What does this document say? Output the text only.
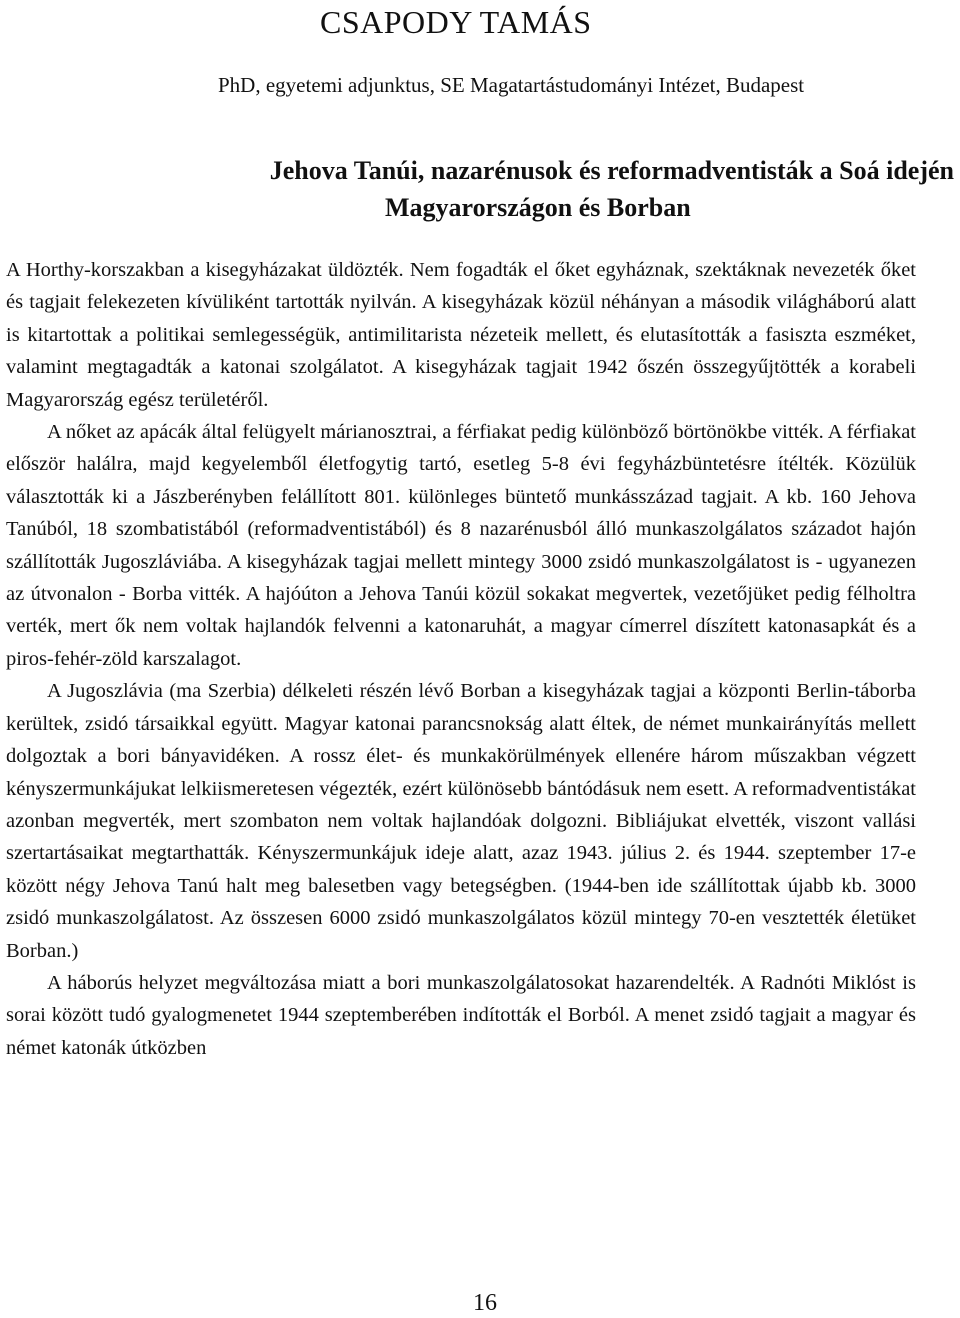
CSAPODY TAMÁS

PhD, egyetemi adjunktus, SE Magatartástudományi Intézet, Budapest

Jehova Tanúi, nazarénusok és reformadventisták a Soá idején
Magyarországon és Borban

A Horthy-korszakban a kisegyházakat üldözték. Nem fogadták el őket egyháznak, szektáknak nevezeték őket és tagjait felekezeten kívüliként tartották nyilván. A kisegyházak közül néhányan a második világháború alatt is kitartottak a politikai semlegességük, antimilitarista nézeteik mellett, és elutasították a fasiszta eszméket, valamint megtagadták a katonai szolgálatot. A kisegyházak tagjait 1942 őszén összegyűjtötték a korabeli Magyarország egész területéről.

A nőket az apácák által felügyelt márianosztrai, a férfiakat pedig különböző börtönökbe vitték. A férfiakat először halálra, majd kegyelemből életfogytig tartó, esetleg 5-8 évi fegyházbüntetésre ítélték. Közülük választották ki a Jászberényben felállított 801. különleges büntető munkásszázad tagjait. A kb. 160 Jehova Tanúból, 18 szombatistából (reformadventistából) és 8 nazarénusból álló munkaszolgálatos századot hajón szállították Jugoszláviába. A kisegyházak tagjai mellett mintegy 3000 zsidó munkaszolgálatost is - ugyanezen az útvonalon - Borba vitték. A hajóúton a Jehova Tanúi közül sokakat megvertek, vezetőjüket pedig félholtra verték, mert ők nem voltak hajlandók felvenni a katonaruhát, a magyar címerrel díszített katonasapkát és a piros-fehér-zöld karszalagot.

A Jugoszlávia (ma Szerbia) délkeleti részén lévő Borban a kisegyházak tagjai a központi Berlin-táborba kerültek, zsidó társaikkal együtt. Magyar katonai parancsnokság alatt éltek, de német munkairányítás mellett dolgoztak a bori bányavidéken. A rossz élet- és munkakörülmények ellenére három műszakban végzett kényszermunkájukat lelkiismeretesen végezték, ezért különösebb bántódásuk nem esett. A reformadventistákat azonban megverték, mert szombaton nem voltak hajlandóak dolgozni. Bibliájukat elvették, viszont vallási szertartásaikat megtarthatták. Kényszermunkájuk ideje alatt, azaz 1943. július 2. és 1944. szeptember 17-e között négy Jehova Tanú halt meg balesetben vagy betegségben. (1944-ben ide szállítottak újabb kb. 3000 zsidó munkaszolgálatost. Az összesen 6000 zsidó munkaszolgálatos közül mintegy 70-en vesztették életüket Borban.)

A háborús helyzet megváltozása miatt a bori munkaszolgálatosokat hazarendelték. A Radnóti Miklóst is sorai között tudó gyalogmenetet 1944 szeptemberében indították el Borból. A menet zsidó tagjait a magyar és német katonák útközben

16
